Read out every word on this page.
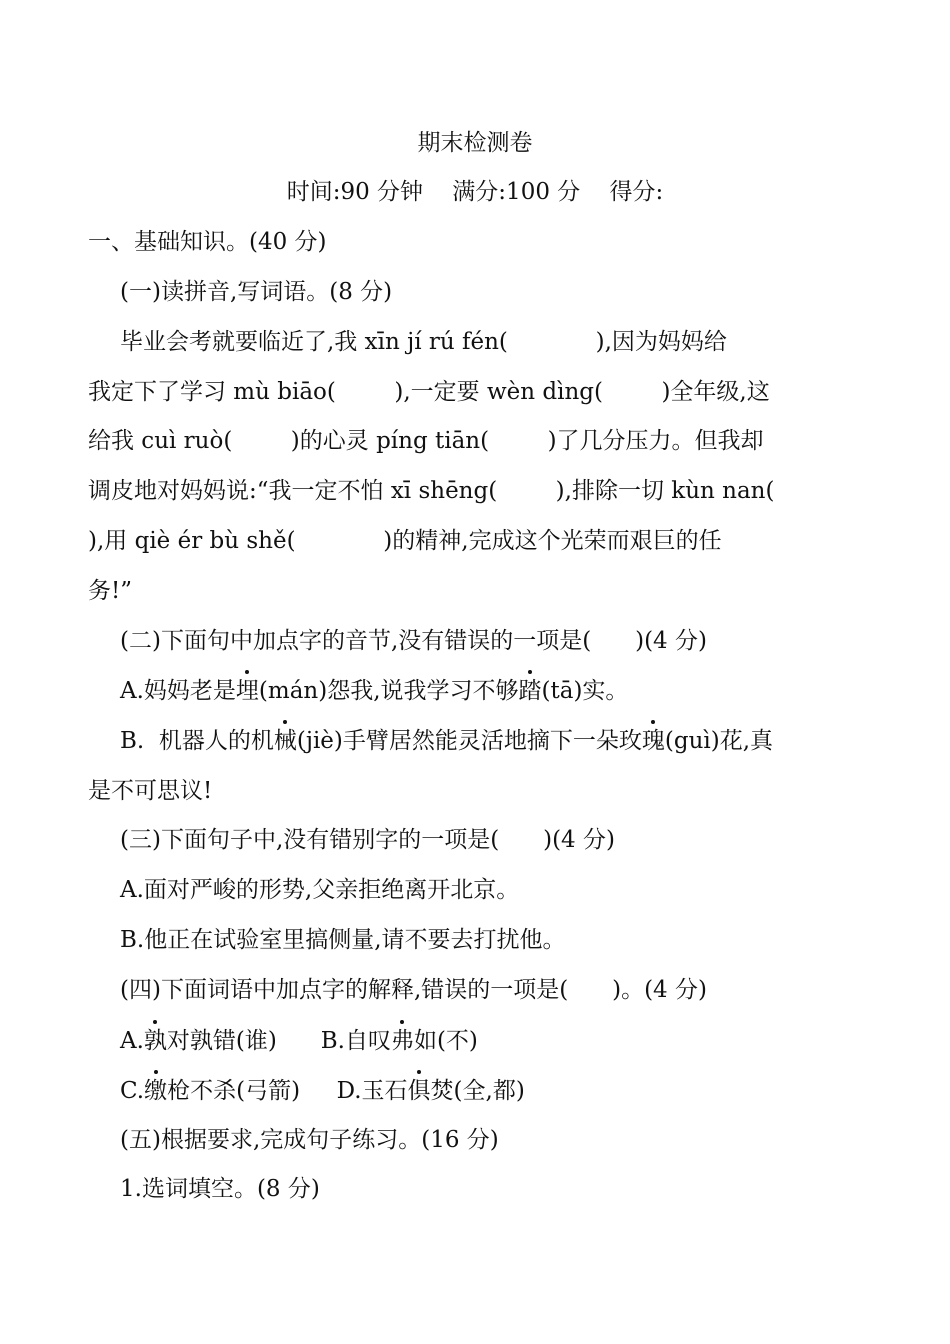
期末检测卷
时间:90 分钟    满分:100 分    得分:
一、基础知识。(40 分)
(一)读拼音,写词语。(8 分)
毕业会考就要临近了,我 xīn jí rú fén(            ),因为妈妈给
我定下了学习 mù biāo(        ),一定要 wèn dìng(        )全年级,这
给我 cuì ruò(        )的心灵 píng tiān(        )了几分压力。但我却
调皮地对妈妈说:“我一定不怕 xī shēng(        ),排除一切 kùn nan(
),用 qiè ér bù shě(            )的精神,完成这个光荣而艰巨的任
务!”
(二)下面句中加点字的音节,没有错误的一项是(      )(4 分)
A.妈妈老是埋(mán)怨我,说我学习不够踏(tā)实。
B.  机器人的机械(jiè)手臂居然能灵活地摘下一朵玫瑰(guì)花,真
是不可思议!
(三)下面句子中,没有错别字的一项是(      )(4 分)
A.面对严峻的形势,父亲拒绝离开北京。
B.他正在试验室里搞侧量,请不要去打扰他。
(四)下面词语中加点字的解释,错误的一项是(      )。(4 分)
A.孰对孰错(谁)      B.自叹弗如(不)
C.缴枪不杀(弓箭)     D.玉石俱焚(全,都)
(五)根据要求,完成句子练习。(16 分)
1.选词填空。(8 分)
